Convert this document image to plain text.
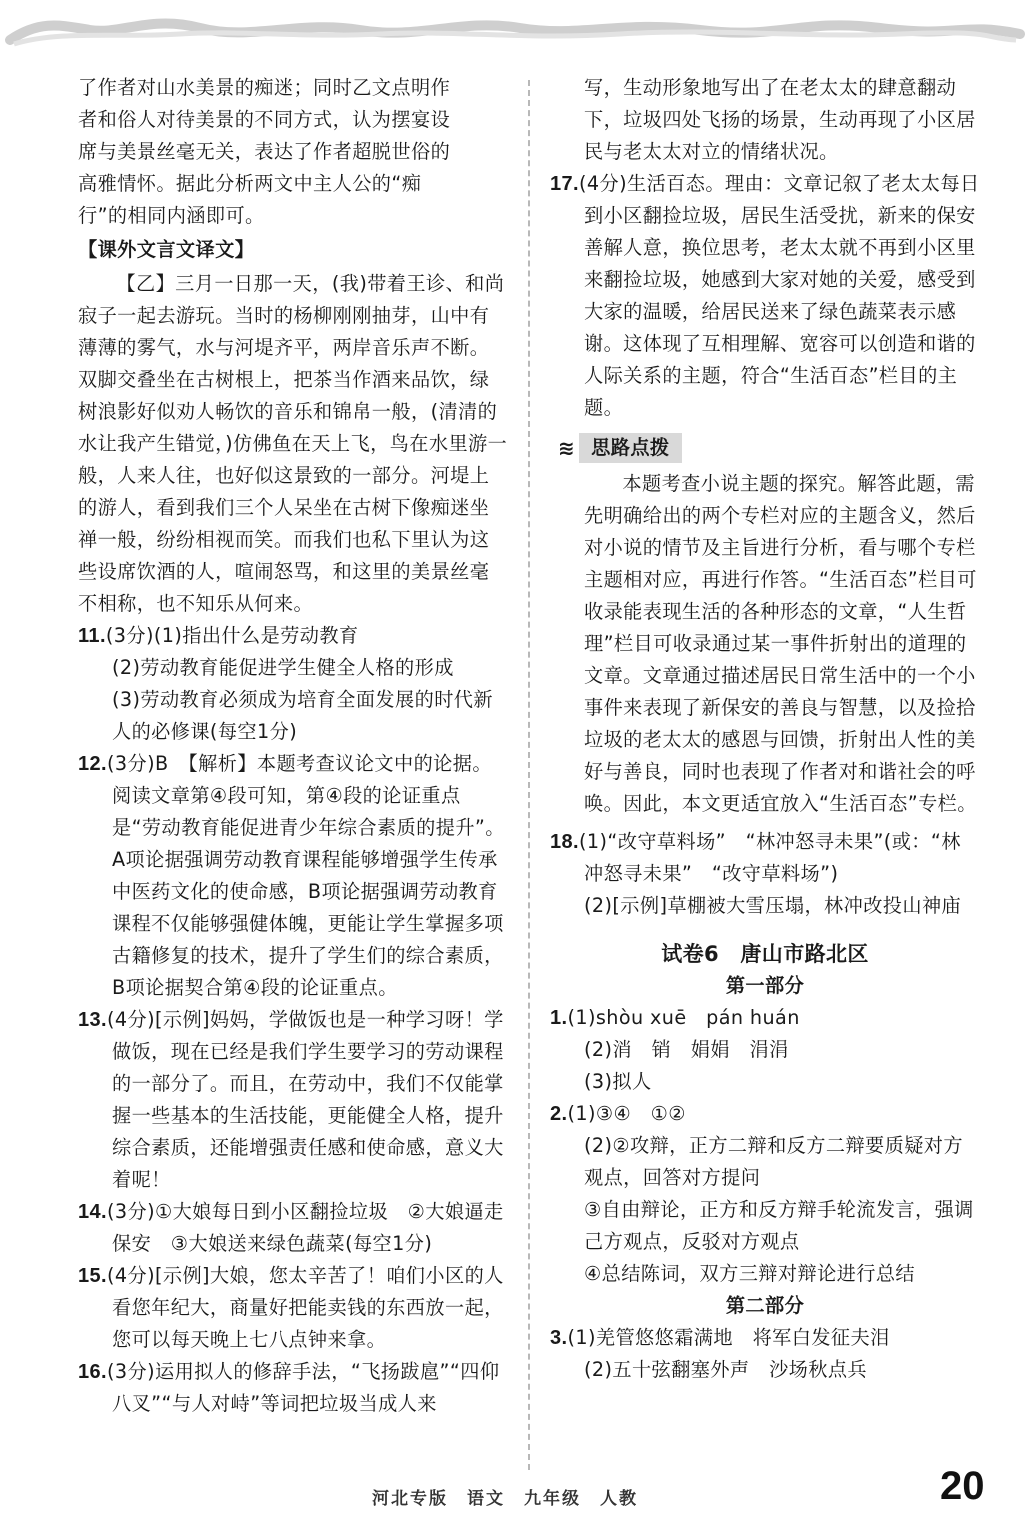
了作者对山水美景的痴迷；同时乙文点明作

者和俗人对待美景的不同方式，认为摆宴设

席与美景丝毫无关，表达了作者超脱世俗的

高雅情怀。据此分析两文中主人公的“痴

行”的相同内涵即可。

【课外文言文译文】

【乙】三月一日那一天，(我)带着王诊、和尚寂子一起去游玩。当时的杨柳刚刚抽芽，山中有薄薄的雾气，水与河堤齐平，两岸音乐声不断。双脚交叠坐在古树根上，把茶当作酒来品饮，绿树浪影好似劝人畅饮的音乐和锦帛一般，(清清的水让我产生错觉，)仿佛鱼在天上飞，鸟在水里游一般，人来人往，也好似这景致的一部分。河堤上的游人，看到我们三个人呆坐在古树下像痴迷坐禅一般，纷纷相视而笑。而我们也私下里认为这些设席饮酒的人，喧闹怒骂，和这里的美景丝毫不相称，也不知乐从何来。

11.(3分)(1)指出什么是劳动教育

(2)劳动教育能促进学生健全人格的形成

(3)劳动教育必须成为培育全面发展的时代新人的必修课(每空1分)

12.(3分)B　【解析】本题考查议论文中的论据。阅读文章第④段可知，第④段的论证重点是“劳动教育能促进青少年综合素质的提升”。A项论据强调劳动教育课程能够增强学生传承中医药文化的使命感，B项论据强调劳动教育课程不仅能够强健体魄，更能让学生掌握多项古籍修复的技术，提升了学生们的综合素质，B项论据契合第④段的论证重点。
13.(4分)[示例]妈妈，学做饭也是一种学习呀！学做饭，现在已经是我们学生要学习的劳动课程的一部分了。而且，在劳动中，我们不仅能掌握一些基本的生活技能，更能健全人格，提升综合素质，还能增强责任感和使命感，意义大着呢！
14.(3分)①大娘每日到小区翻捡垃圾　②大娘逼走保安　③大娘送来绿色蔬菜(每空1分)
15.(4分)[示例]大娘，您太辛苦了！咱们小区的人看您年纪大，商量好把能卖钱的东西放一起，您可以每天晚上七八点钟来拿。
16.(3分)运用拟人的修辞手法，“飞扬跋扈”“四仰八叉”“与人对峙”等词把垃圾当成人来

写，生动形象地写出了在老太太的肆意翻动下，垃圾四处飞扬的场景，生动再现了小区居民与老太太对立的情绪状况。

17.(4分)生活百态。理由：文章记叙了老太太每日到小区翻捡垃圾，居民生活受扰，新来的保安善解人意，换位思考，老太太就不再到小区里来翻捡垃圾，她感到大家对她的关爱，感受到大家的温暖，给居民送来了绿色蔬菜表示感谢。这体现了互相理解、宽容可以创造和谐的人际关系的主题，符合“生活百态”栏目的主题。
≋ 思路点拨

本题考查小说主题的探究。解答此题，需先明确给出的两个专栏对应的主题含义，然后对小说的情节及主旨进行分析，看与哪个专栏主题相对应，再进行作答。“生活百态”栏目可收录能表现生活的各种形态的文章，“人生哲理”栏目可收录通过某一事件折射出的道理的文章。文章通过描述居民日常生活中的一个小事件来表现了新保安的善良与智慧，以及捡拾垃圾的老太太的感恩与回馈，折射出人性的美好与善良，同时也表现了作者对和谐社会的呼唤。因此，本文更适宜放入“生活百态”专栏。

18.(1)“改守草料场”　“林冲怒寻未果”(或：“林冲怒寻未果”　“改守草料场”)

(2)[示例]草棚被大雪压塌，林冲改投山神庙

试卷6　唐山市路北区

第一部分

1.(1)shòu xuē　pán huán

(2)消　销　娟娟　涓涓

(3)拟人

2.(1)③④　①②

(2)②攻辩，正方二辩和反方二辩要质疑对方观点，回答对方提问

③自由辩论，正方和反方辩手轮流发言，强调己方观点，反驳对方观点

④总结陈词，双方三辩对辩论进行总结

第二部分

3.(1)羌管悠悠霜满地　将军白发征夫泪

(2)五十弦翻塞外声　沙场秋点兵

河北专版　语文　九年级　人教	20
